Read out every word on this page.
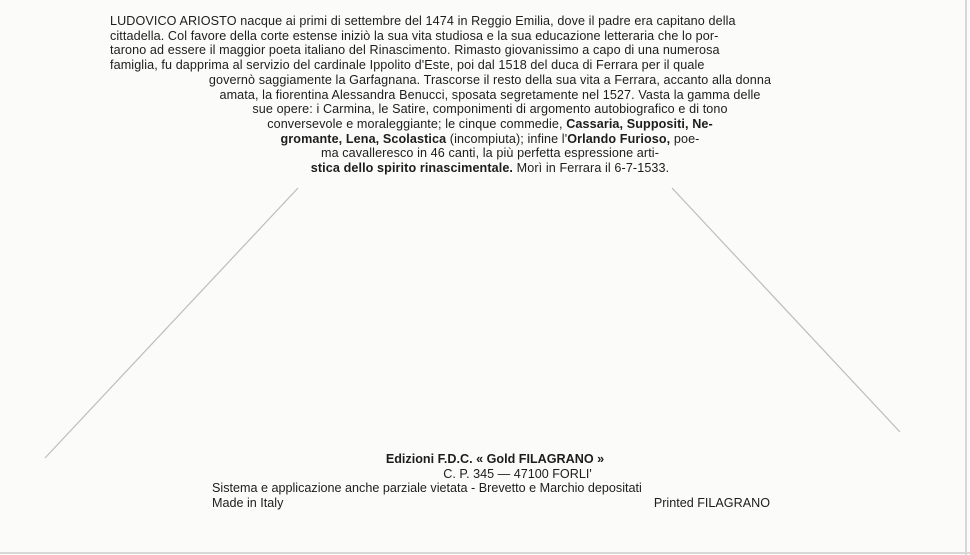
LUDOVICO ARIOSTO nacque ai primi di settembre del 1474 in Reggio Emilia, dove il padre era capitano della
cittadella. Col favore della corte estense iniziò la sua vita studiosa e la sua educazione letteraria che lo por-
tarono ad essere il maggior poeta italiano del Rinascimento. Rimasto giovanissimo a capo di una numerosa
famiglia, fu dapprima al servizio del cardinale Ippolito d'Este, poi dal 1518 del duca di Ferrara per il quale
governò saggiamente la Garfagnana. Trascorse il resto della sua vita a Ferrara, accanto alla donna
amata, la fiorentina Alessandra Benucci, sposata segretamente nel 1527. Vasta la gamma delle
sue opere: i Carmina, le Satire, componimenti di argomento autobiografico e di tono
conversevole e moraleggiante; le cinque commedie, Cassaria, Suppositi, Ne-
gromante, Lena, Scolastica (incompiuta); infine l'Orlando Furioso, poe-
ma cavalleresco in 46 canti, la più perfetta espressione arti-
stica dello spirito rinascimentale. Morì in Ferrara il 6-7-1533.
Edizioni F.D.C. « Gold FILAGRANO »
C. P. 345 — 47100 FORLI'
Sistema e applicazione anche parziale vietata - Brevetto e Marchio depositati
Made in Italy	Printed FILAGRANO
